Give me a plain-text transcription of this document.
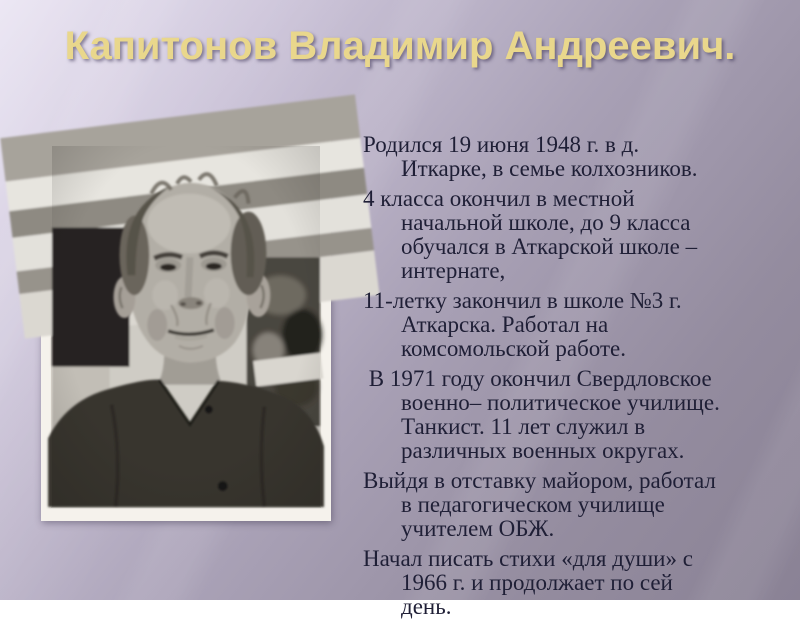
Капитонов Владимир Андреевич.

Родился 19 июня 1948 г. в д.
Иткарке, в семье колхозников.

4 класса окончил в местной
начальной школе, до 9 класса
обучался в Аткарской школе –
интернате,

11-летку закончил в школе №3 г.
Аткарска. Работал на
комсомольской работе.

В 1971 году окончил Свердловское
военно– политическое училище.
Танкист. 11 лет служил в
различных военных округах.

Выйдя в отставку майором, работал
в педагогическом училище
учителем ОБЖ.

Начал писать стихи «для души» с
1966 г. и продолжает по сей
день.
